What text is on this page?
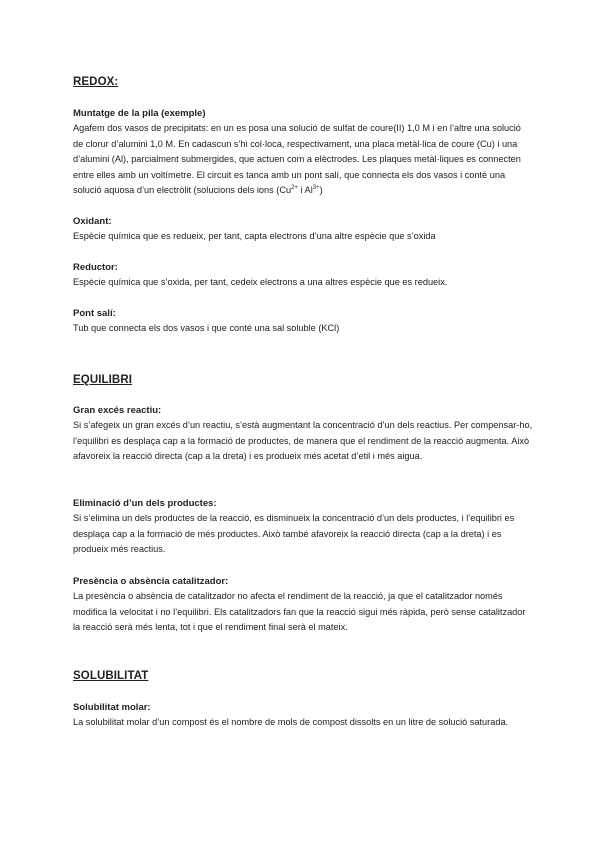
REDOX:

Muntatge de la pila (exemple)

Agafem dos vasos de precipitats: en un es posa una solució de sulfat de coure(II) 1,0 M i en l’altre una solució de clorur d’alumini 1,0 M. En cadascun s’hi col·loca, respectivament, una placa metàl·lica de coure (Cu) i una d’alumini (Al), parcialment submergides, que actuen com a elèctrodes. Les plaques metàl·liques es connecten entre elles amb un voltímetre. El circuit es tanca amb un pont salí, que connecta els dos vasos i conté una solució aquosa d’un electròlit (solucions dels ions ($Cu^{2+}$ i $Al^{3+}$)

Oxidant:

Espècie química que es redueix, per tant, capta electrons d’una altre espècie que s’oxida

Reductor:

Espècie química que s’oxida, per tant, cedeix electrons a una altres espècie que es redueix.

Pont salí:

Tub que connecta els dos vasos i que conté una sal soluble (KCl)

EQUILIBRI

Gran excés reactiu:

Si s’afegeix un gran excés d’un reactiu, s’està augmentant la concentració d’un dels reactius. Per compensar-ho, l’equilibri es desplaça cap a la formació de productes, de manera que el rendiment de la reacció augmenta. Això afavoreix la reacció directa (cap a la dreta) i es produeix més acetat d’etil i més aigua.

Eliminació d’un dels productes:

Si s’elimina un dels productes de la reacció, es disminueix la concentració d’un dels productes, i l’equilibri es desplaça cap a la formació de més productes. Això també afavoreix la reacció directa (cap a la dreta) i es produeix més reactius.

Presència o absència catalitzador:

La presència o absència de catalitzador no afecta el rendiment de la reacció, ja que el catalitzador només modifica la velocitat i no l’equilibri. Els catalitzadors fan que la reacció sigui més ràpida, però sense catalitzador la reacció serà més lenta, tot i que el rendiment final serà el mateix.

SOLUBILITAT

Solubilitat molar:

La solubilitat molar d’un compost és el nombre de mols de compost dissolts en un litre de solució saturada.
